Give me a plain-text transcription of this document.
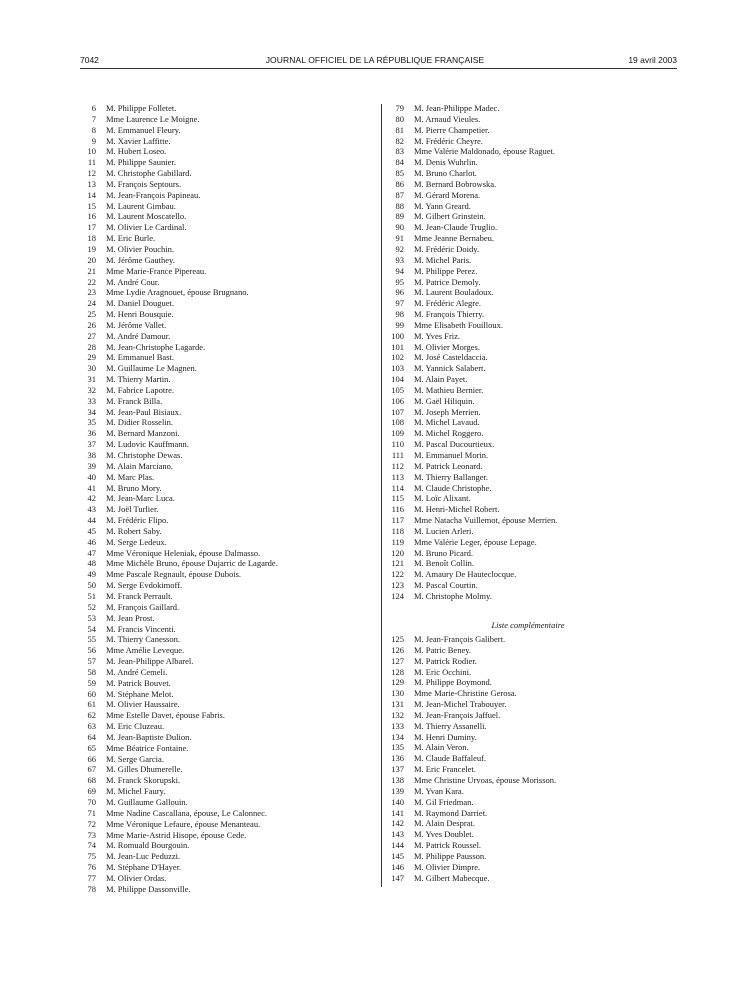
JOURNAL OFFICIEL DE LA RÉPUBLIQUE FRANÇAISE
7042	19 avril 2003
6	M. Philippe Folletet.
7	Mme Laurence Le Moigne.
8	M. Emmanuel Fleury.
9	M. Xavier Laffitte.
10	M. Hubert Loseo.
11	M. Philippe Saunier.
12	M. Christophe Gabillard.
13	M. François Septours.
14	M. Jean-François Papineau.
15	M. Laurent Gimbau.
16	M. Laurent Moscatello.
17	M. Olivier Le Cardinal.
18	M. Eric Burle.
19	M. Olivier Pouchin.
20	M. Jérôme Gauthey.
21	Mme Marie-France Pipereau.
22	M. André Cour.
23	Mme Lydie Aragnouet, épouse Brugnano.
24	M. Daniel Douguet.
25	M. Henri Bousquie.
26	M. Jérôme Vallet.
27	M. André Damour.
28	M. Jean-Christophe Lagarde.
29	M. Emmanuel Bast.
30	M. Guillaume Le Magnen.
31	M. Thierry Martin.
32	M. Fabrice Lapotre.
33	M. Franck Billa.
34	M. Jean-Paul Bisiaux.
35	M. Didier Rosselin.
36	M. Bernard Manzoni.
37	M. Ludovic Kauffmann.
38	M. Christophe Dewas.
39	M. Alain Marciano.
40	M. Marc Plas.
41	M. Bruno Mory.
42	M. Jean-Marc Luca.
43	M. Joël Turlier.
44	M. Frédéric Flipo.
45	M. Robert Saby.
46	M. Serge Ledeux.
47	Mme Véronique Heleniak, épouse Dalmasso.
48	Mme Michèle Bruno, épouse Dujarric de Lagarde.
49	Mme Pascale Regnault, épouse Dubois.
50	M. Serge Evdokimoff.
51	M. Franck Perrault.
52	M. François Gaillard.
53	M. Jean Prost.
54	M. Francis Vincenti.
55	M. Thierry Canesson.
56	Mme Amélie Leveque.
57	M. Jean-Philippe Albarel.
58	M. André Cemeli.
59	M. Patrick Bouvet.
60	M. Stéphane Melot.
61	M. Olivier Haussaire.
62	Mme Estelle Davet, épouse Fabris.
63	M. Eric Cluzeau.
64	M. Jean-Baptiste Dulion.
65	Mme Béatrice Fontaine.
66	M. Serge Garcia.
67	M. Gilles Dhumerelle.
68	M. Franck Skorupski.
69	M. Michel Faury.
70	M. Guillaume Gallouin.
71	Mme Nadine Cascallana, épouse, Le Calonnec.
72	Mme Véronique Lefaure, épouse Menanteau.
73	Mme Marie-Astrid Hisope, épouse Cede.
74	M. Romuald Bourgouin.
75	M. Jean-Luc Peduzzi.
76	M. Stéphane D'Hayer.
77	M. Olivier Ordas.
78	M. Philippe Dassonville.
79	M. Jean-Philippe Madec.
80	M. Arnaud Vieules.
81	M. Pierre Champetier.
82	M. Frédéric Cheyre.
83	Mme Valérie Maldonado, épouse Raguet.
84	M. Denis Wuhrlin.
85	M. Bruno Charlot.
86	M. Bernard Bobrowska.
87	M. Gérard Morena.
88	M. Yann Greard.
89	M. Gilbert Grinstein.
90	M. Jean-Claude Truglio.
91	Mme Jeanne Bernabeu.
92	M. Frédéric Doidy.
93	M. Michel Paris.
94	M. Philippe Perez.
95	M. Patrice Demoly.
96	M. Laurent Bouladoux.
97	M. Frédéric Alegre.
98	M. François Thierry.
99	Mme Elisabeth Fouilloux.
100	M. Yves Friz.
101	M. Olivier Morges.
102	M. José Casteldaccia.
103	M. Yannick Salabert.
104	M. Alain Payet.
105	M. Mathieu Bernier.
106	M. Gaël Hiliquin.
107	M. Joseph Merrien.
108	M. Michel Lavaud.
109	M. Michel Roggero.
110	M. Pascal Ducourtieux.
111	M. Emmanuel Morin.
112	M. Patrick Leonard.
113	M. Thierry Ballanger.
114	M. Claude Christophe.
115	M. Loïc Alixant.
116	M. Henri-Michel Robert.
117	Mme Natacha Vuillemot, épouse Merrien.
118	M. Lucien Arleri.
119	Mme Valérie Leger, épouse Lepage.
120	M. Bruno Picard.
121	M. Benoît Collin.
122	M. Amaury De Hauteclocque.
123	M. Pascal Courtin.
124	M. Christophe Molmy.
Liste complémentaire
125	M. Jean-François Galibert.
126	M. Patric Beney.
127	M. Patrick Rodier.
128	M. Eric Occhini.
129	M. Philippe Boymond.
130	Mme Marie-Christine Gerosa.
131	M. Jean-Michel Trabouyer.
132	M. Jean-François Jaffuel.
133	M. Thierry Assanelli.
134	M. Henri Duminy.
135	M. Alain Veron.
136	M. Claude Baffaleuf.
137	M. Eric Francelet.
138	Mme Christine Urvoas, épouse Morisson.
139	M. Yvan Kara.
140	M. Gil Friedman.
141	M. Raymond Darriet.
142	M. Alain Desprat.
143	M. Yves Doublet.
144	M. Patrick Roussel.
145	M. Philippe Pausson.
146	M. Olivier Dimpre.
147	M. Gilbert Mabecque.
